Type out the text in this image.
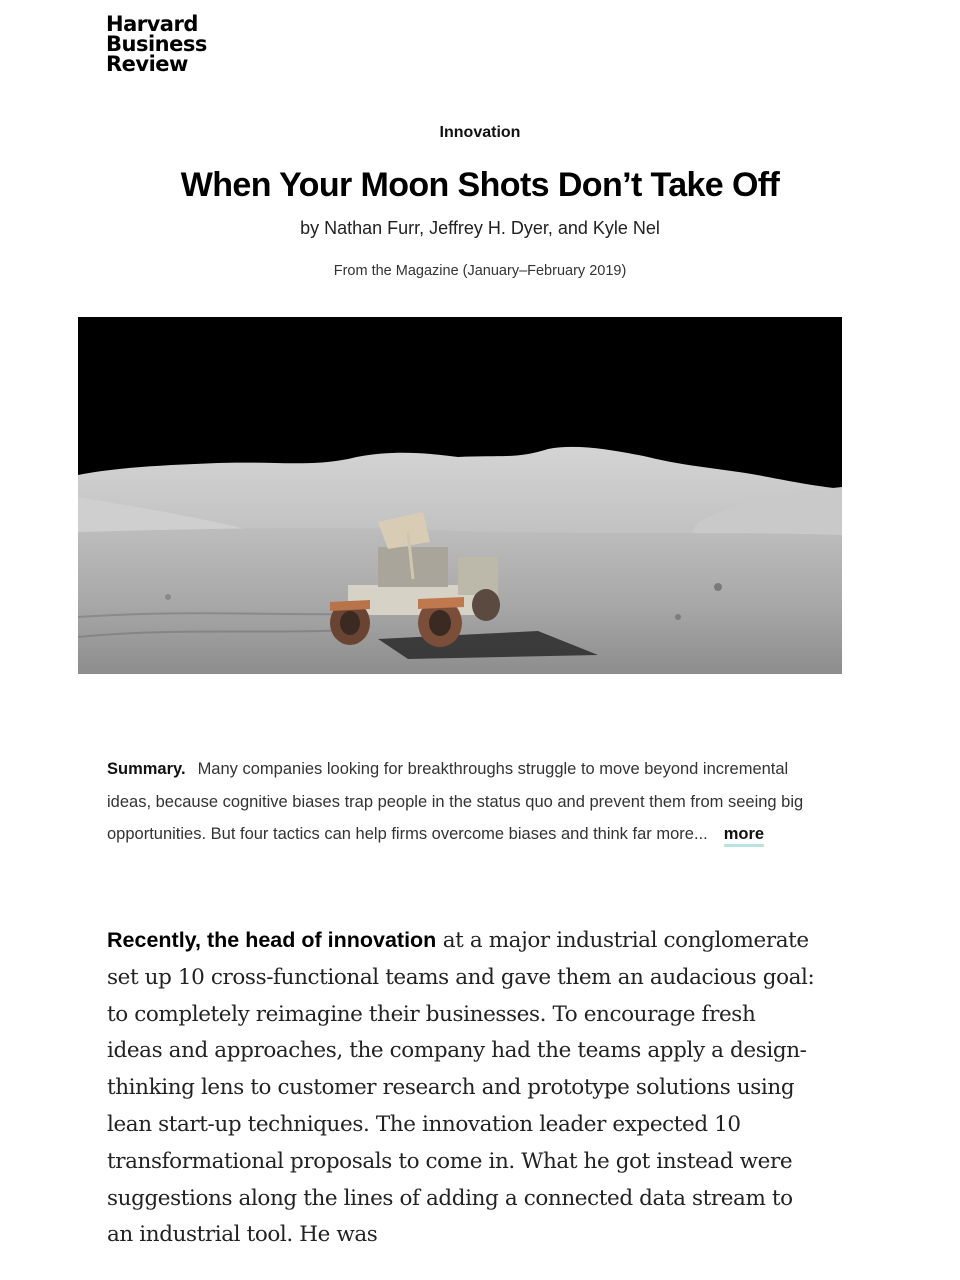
Harvard
Business
Review
Innovation
When Your Moon Shots Don’t Take Off
by Nathan Furr, Jeffrey H. Dyer, and Kyle Nel
From the Magazine (January–February 2019)
Summary. Many companies looking for breakthroughs struggle to move beyond incremental ideas, because cognitive biases trap people in the status quo and prevent them from seeing big opportunities. But four tactics can help firms overcome biases and think far more... more
Recently, the head of innovation at a major industrial conglomerate set up 10 cross-functional teams and gave them an audacious goal: to completely reimagine their businesses. To encourage fresh ideas and approaches, the company had the teams apply a design-thinking lens to customer research and prototype solutions using lean start-up techniques. The innovation leader expected 10 transformational proposals to come in. What he got instead were suggestions along the lines of adding a connected data stream to an industrial tool. He was
